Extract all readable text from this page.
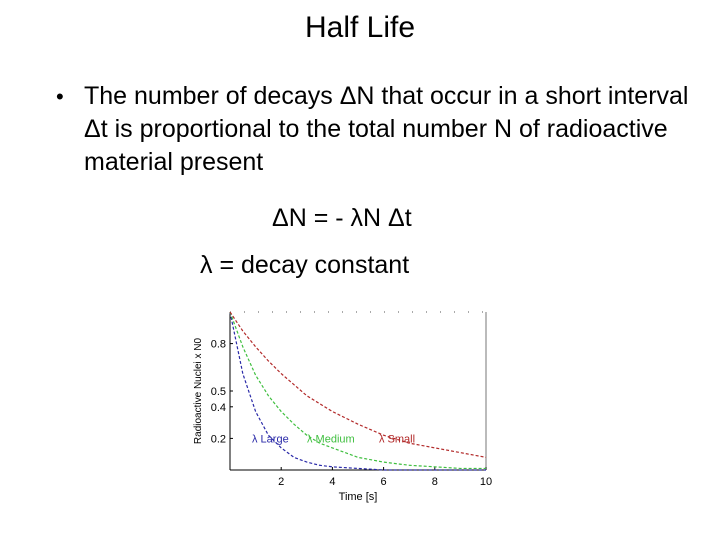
Half Life
• The number of decays ΔN that occur in a short interval Δt is proportional to the total number N of radioactive material present
ΔN = - λN Δt
λ = decay constant
2	4	6	8	10
0.2
0.4
0.5
0.8
Time [s]
Radioactive Nuclei x N0	λ Large λ Medium λ Small
